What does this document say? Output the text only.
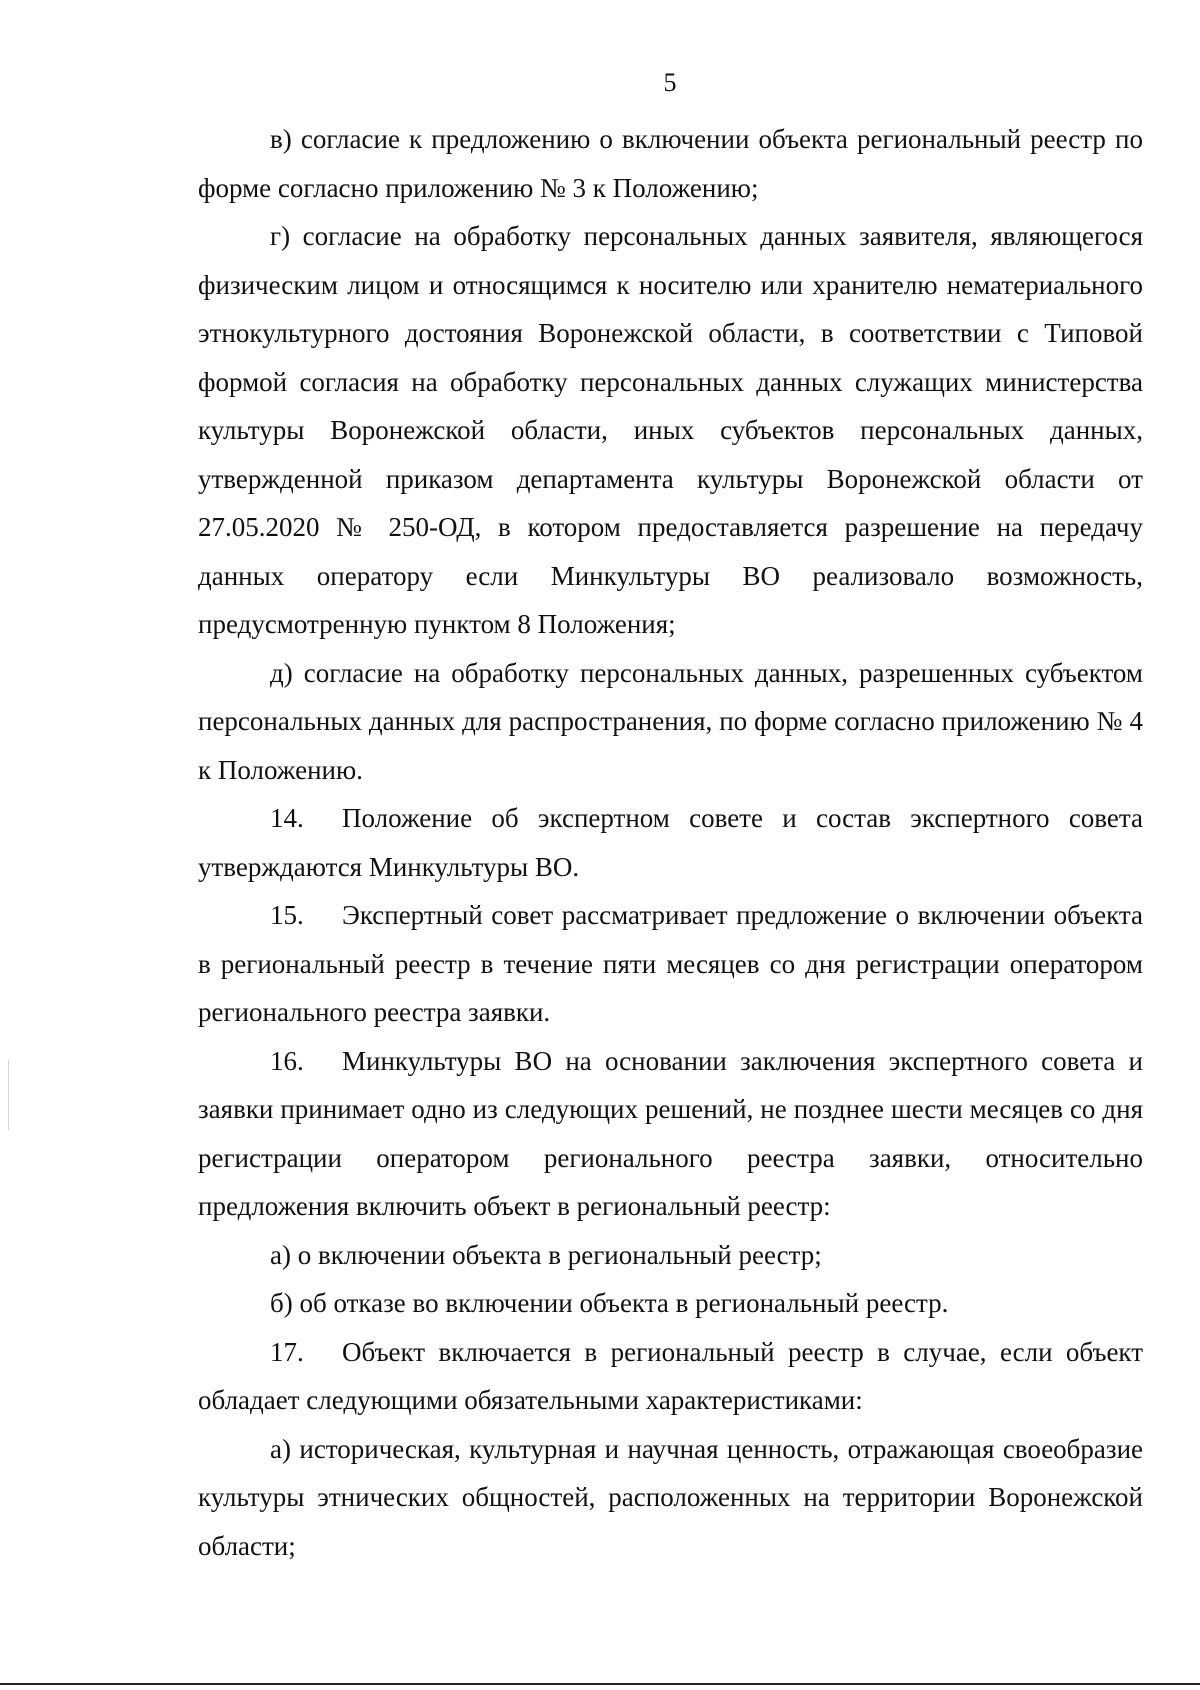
5

в) согласие к предложению о включении объекта региональный реестр по форме согласно приложению № 3 к Положению;

г) согласие на обработку персональных данных заявителя, являющегося физическим лицом и относящимся к носителю или хранителю нематериального этнокультурного достояния Воронежской области, в соответствии с Типовой формой согласия на обработку персональных данных служащих министерства культуры Воронежской области, иных субъектов персональных данных, утвержденной приказом департамента культуры Воронежской области от 27.05.2020 № 250-ОД, в котором предоставляется разрешение на передачу данных оператору если Минкультуры ВО реализовало возможность, предусмотренную пунктом 8 Положения;

д) согласие на обработку персональных данных, разрешенных субъектом персональных данных для распространения, по форме согласно приложению № 4 к Положению.

14. Положение об экспертном совете и состав экспертного совета утверждаются Минкультуры ВО.

15. Экспертный совет рассматривает предложение о включении объекта в региональный реестр в течение пяти месяцев со дня регистрации оператором регионального реестра заявки.

16. Минкультуры ВО на основании заключения экспертного совета и заявки принимает одно из следующих решений, не позднее шести месяцев со дня регистрации оператором регионального реестра заявки, относительно предложения включить объект в региональный реестр:

а) о включении объекта в региональный реестр;

б) об отказе во включении объекта в региональный реестр.

17. Объект включается в региональный реестр в случае, если объект обладает следующими обязательными характеристиками:

а) историческая, культурная и научная ценность, отражающая своеобразие культуры этнических общностей, расположенных на территории Воронежской области;
